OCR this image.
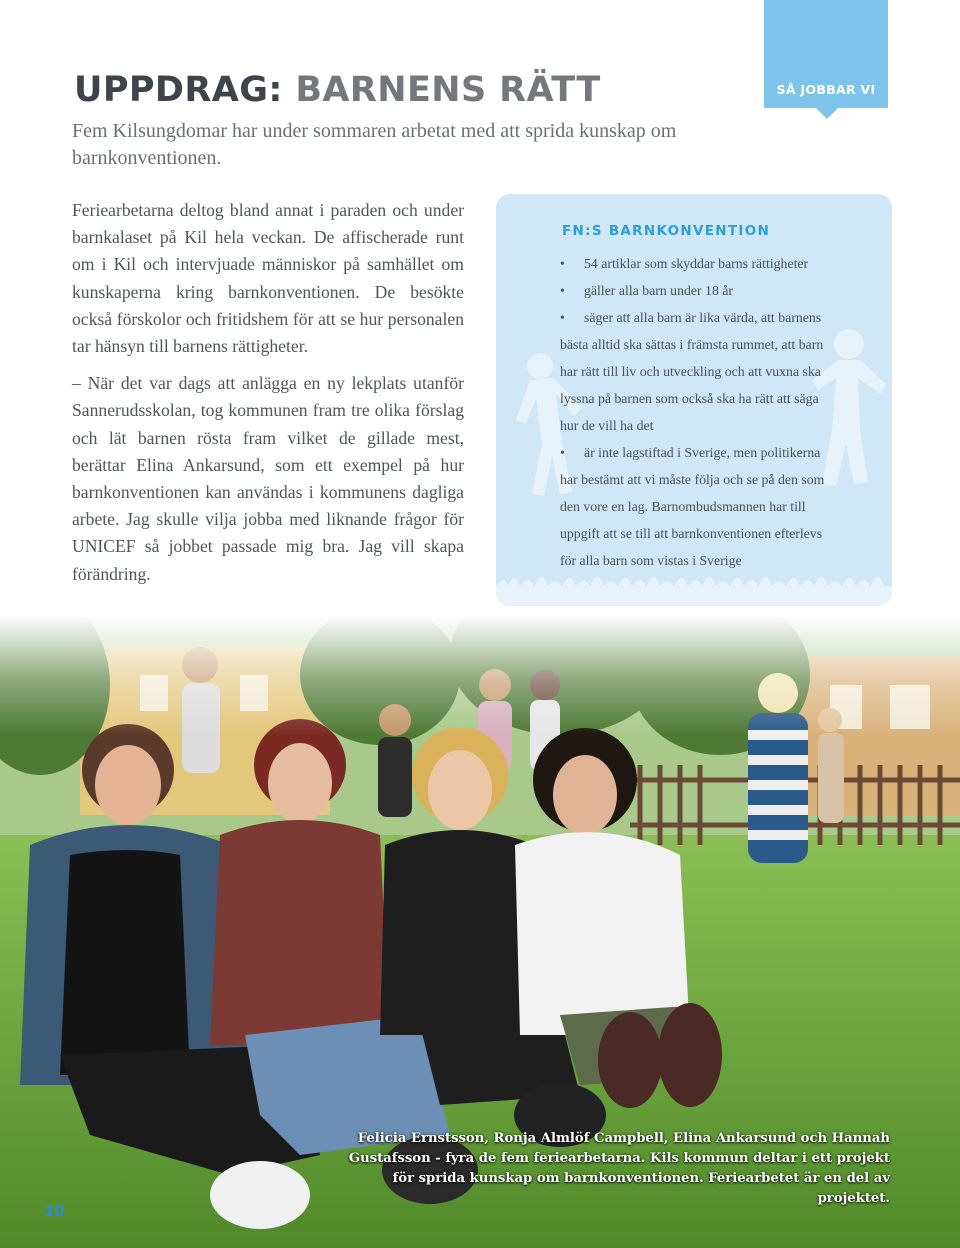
SÅ JOBBAR VI
UPPDRAG: BARNENS RÄTT

Fem Kilsungdomar har under sommaren arbetat med att sprida kunskap om barnkonventionen.

Feriearbetarna deltog bland annat i paraden och under barnkalaset på Kil hela veckan. De affischerade runt om i Kil och intervjuade människor på samhället om kunskaperna kring barnkonventionen. De besökte också förskolor och fritidshem för att se hur personalen tar hänsyn till barnens rättigheter.

– När det var dags att anlägga en ny lekplats utanför Sannerudsskolan, tog kommunen fram tre olika förslag och lät barnen rösta fram vilket de gillade mest, berättar Elina Ankarsund, som ett exempel på hur barnkonventionen kan användas i kommunens dagliga arbete. Jag skulle vilja jobba med liknande frågor för UNICEF så jobbet passade mig bra. Jag vill skapa förändring.

FN:S BARNKONVENTION
• 54 artiklar som skyddar barns rättigheter
• gäller alla barn under 18 år
• säger att alla barn är lika värda, att barnens
bästa alltid ska sättas i främsta rummet, att barn
har rätt till liv och utveckling och att vuxna ska
lyssna på barnen som också ska ha rätt att säga
hur de vill ha det
• är inte lagstiftad i Sverige, men politikerna
har bestämt att vi måste följa och se på den som
den vore en lag. Barnombudsmannen har till
uppgift att se till att barnkonventionen efterlevs
för alla barn som vistas i Sverige

Felicia Ernstsson, Ronja Almlöf Campbell, Elina Ankarsund och Hannah Gustafsson - fyra de fem feriearbetarna. Kils kommun deltar i ett projekt för sprida kunskap om barnkonventionen. Feriearbetet är en del av projektet.

10
